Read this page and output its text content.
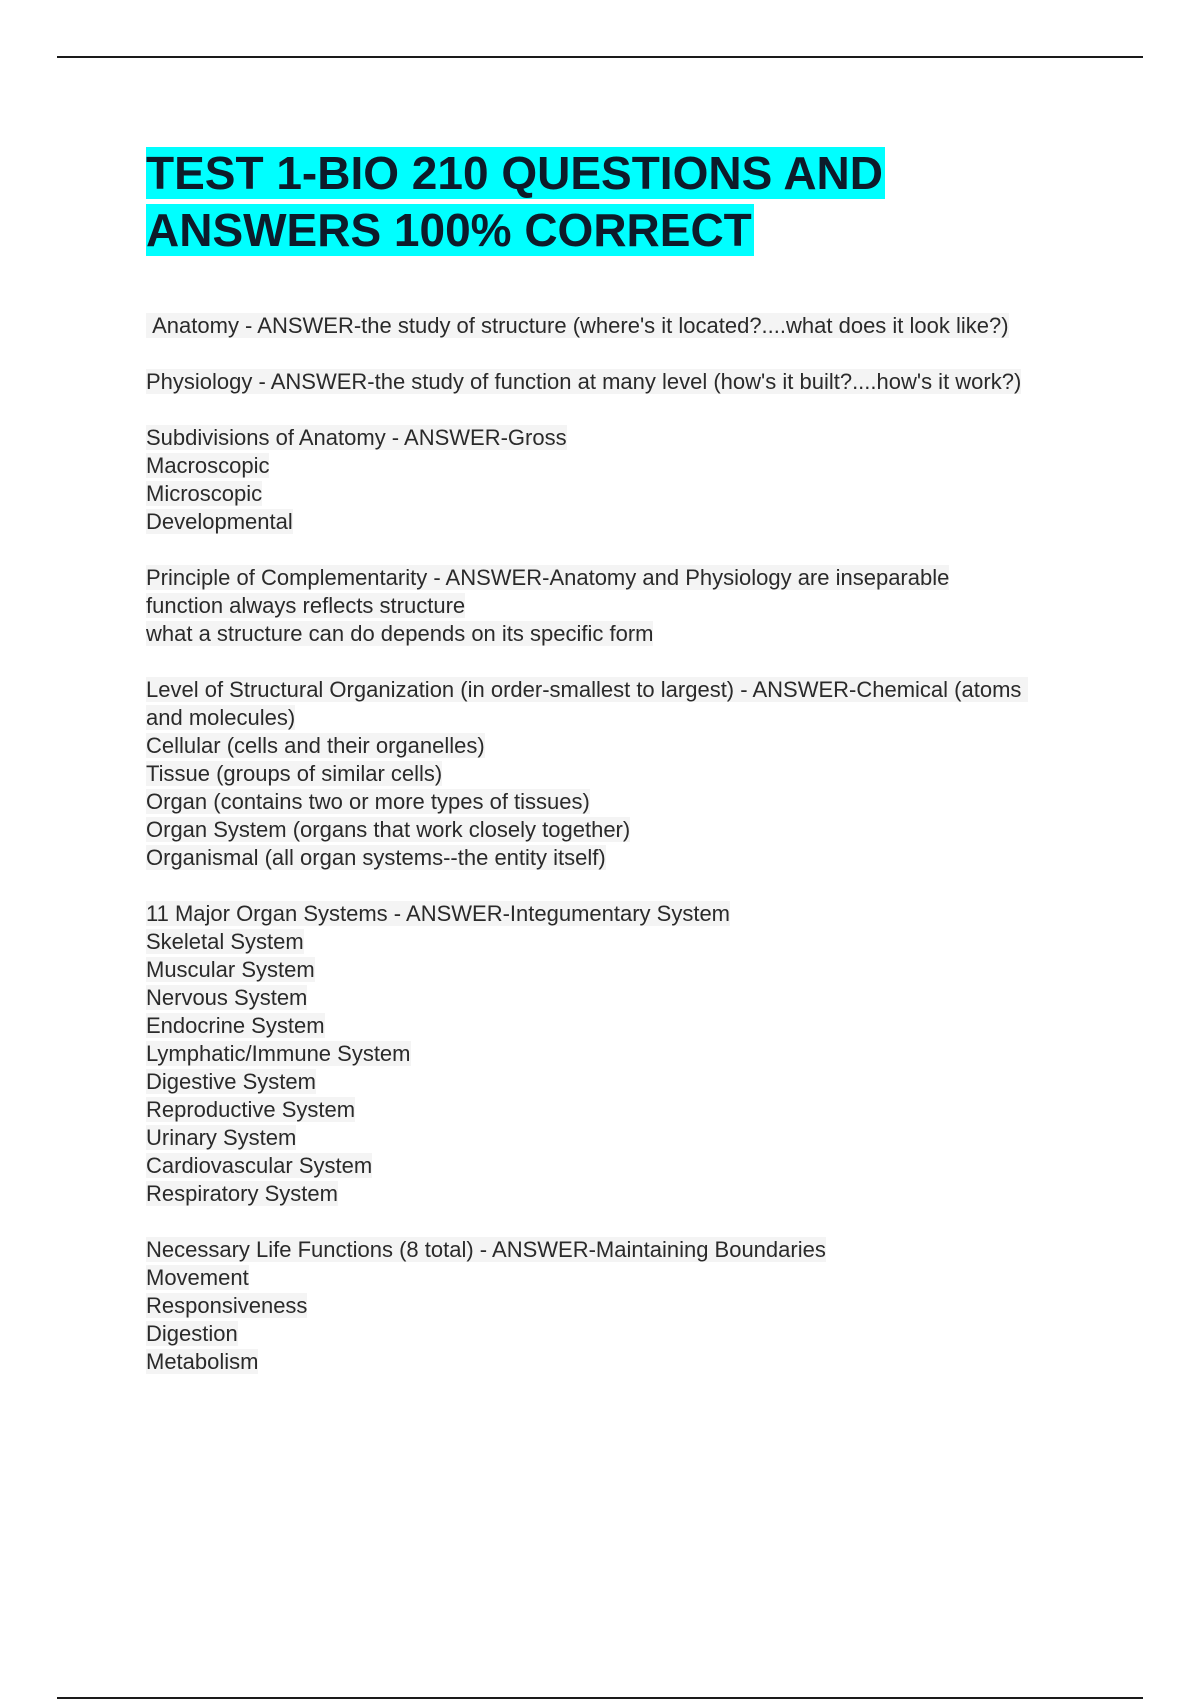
TEST 1-BIO 210 QUESTIONS AND ANSWERS 100% CORRECT
Anatomy - ANSWER-the study of structure (where's it located?....what does it look like?)
Physiology - ANSWER-the study of function at many level (how's it built?....how's it work?)
Subdivisions of Anatomy - ANSWER-Gross
Macroscopic
Microscopic
Developmental
Principle of Complementarity - ANSWER-Anatomy and Physiology are inseparable
function always reflects structure
what a structure can do depends on its specific form
Level of Structural Organization (in order-smallest to largest) - ANSWER-Chemical (atoms and molecules)
Cellular (cells and their organelles)
Tissue (groups of similar cells)
Organ (contains two or more types of tissues)
Organ System (organs that work closely together)
Organismal (all organ systems--the entity itself)
11 Major Organ Systems - ANSWER-Integumentary System
Skeletal System
Muscular System
Nervous System
Endocrine System
Lymphatic/Immune System
Digestive System
Reproductive System
Urinary System
Cardiovascular System
Respiratory System
Necessary Life Functions (8 total) - ANSWER-Maintaining Boundaries
Movement
Responsiveness
Digestion
Metabolism
